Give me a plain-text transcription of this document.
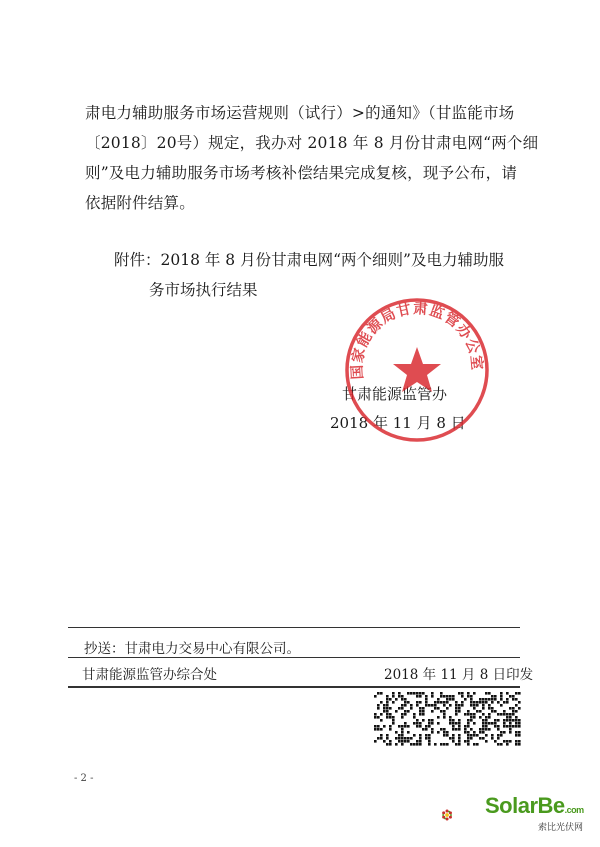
肃电力辅助服务市场运营规则（试行）>的通知》（甘监能市场

〔2018〕20号）规定，我办对 2018 年 8 月份甘肃电网“两个细

则”及电力辅助服务市场考核补偿结果完成复核，现予公布，请

依据附件结算。

附件：2018 年 8 月份甘肃电网“两个细则”及电力辅助服
务市场执行结果
甘肃能源监管办
2018 年 11 月 8 日
国家能源局甘肃监管办公室
抄送：甘肃电力交易中心有限公司。
甘肃能源监管办综合处	2018 年 11 月 8 日印发
- 2 -
SolarBe.com
索比光伏网
